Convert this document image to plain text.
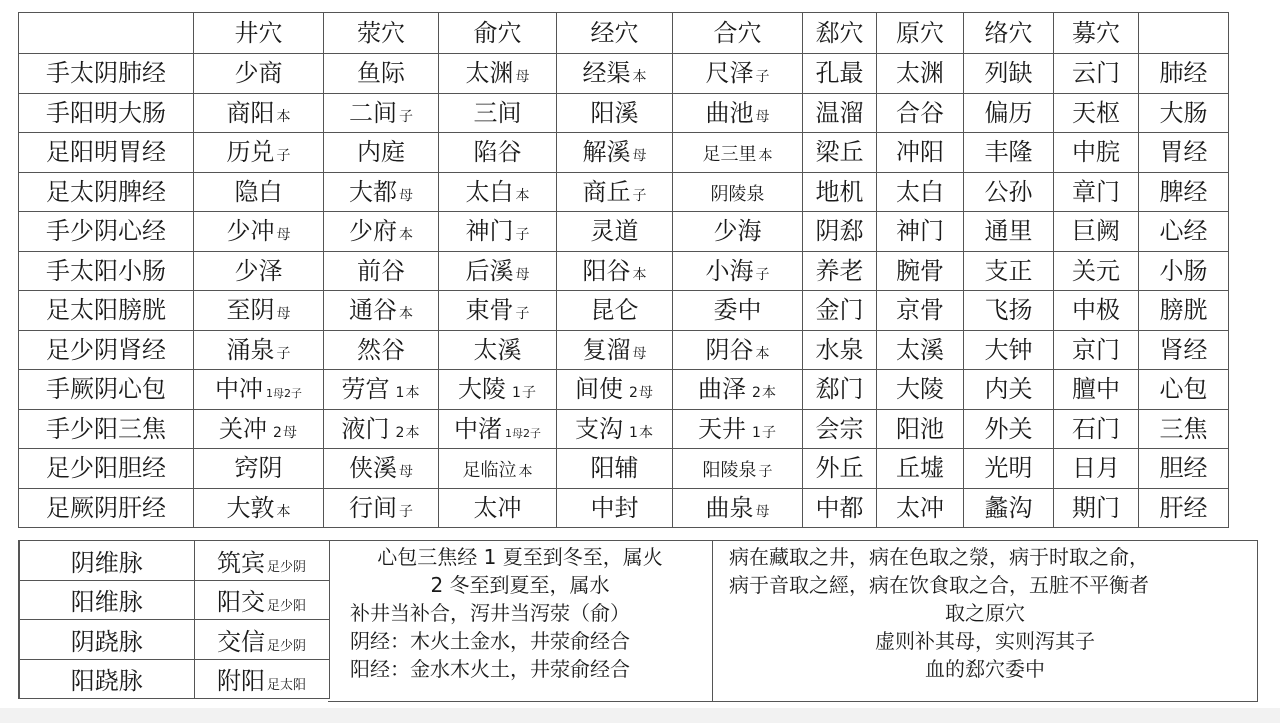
	井穴	荥穴	俞穴	经穴	合穴	郄穴	原穴	络穴	募穴	
手太阴肺经	少商	鱼际	太渊 母	经渠 本	尺泽 子	孔最	太渊	列缺	云门	肺经
手阳明大肠	商阳 本	二间 子	三间	阳溪	曲池 母	温溜	合谷	偏历	天枢	大肠
足阳明胃经	历兑 子	内庭	陷谷	解溪 母	足三里 本	梁丘	冲阳	丰隆	中脘	胃经
足太阴脾经	隐白	大都 母	太白 本	商丘 子	阴陵泉	地机	太白	公孙	章门	脾经
手少阴心经	少冲 母	少府 本	神门 子	灵道	少海	阴郄	神门	通里	巨阙	心经
手太阳小肠	少泽	前谷	后溪 母	阳谷 本	小海 子	养老	腕骨	支正	关元	小肠
足太阳膀胱	至阴 母	通谷 本	束骨 子	昆仑	委中	金门	京骨	飞扬	中极	膀胱
足少阴肾经	涌泉 子	然谷	太溪	复溜 母	阴谷 本	水泉	太溪	大钟	京门	肾经
手厥阴心包	中冲 1母2子	劳宫 1本	大陵 1子	间使 2母	曲泽 2本	郄门	大陵	内关	膻中	心包
手少阳三焦	关冲 2母	液门 2本	中渚 1母2子	支沟 1本	天井 1子	会宗	阳池	外关	石门	三焦
足少阳胆经	窍阴	侠溪 母	足临泣 本	阳辅	阳陵泉 子	外丘	丘墟	光明	日月	胆经
足厥阴肝经	大敦 本	行间 子	太冲	中封	曲泉 母	中都	太冲	蠡沟	期门	肝经
阴维脉	筑宾 足少阴
阳维脉	阳交 足少阳
阴跷脉	交信 足少阴
阳跷脉	附阳 足太阳
心包三焦经 1 夏至到冬至，属火
2 冬至到夏至，属水
补井当补合，泻井当泻荥（俞）
阴经：木火土金水，井荥俞经合
阳经：金水木火土，井荥俞经合
病在藏取之井，病在色取之滎，病于时取之俞，
病于音取之經，病在饮食取之合，五脏不平衡者
取之原穴
虚则补其母，实则泻其子
血的郄穴委中
